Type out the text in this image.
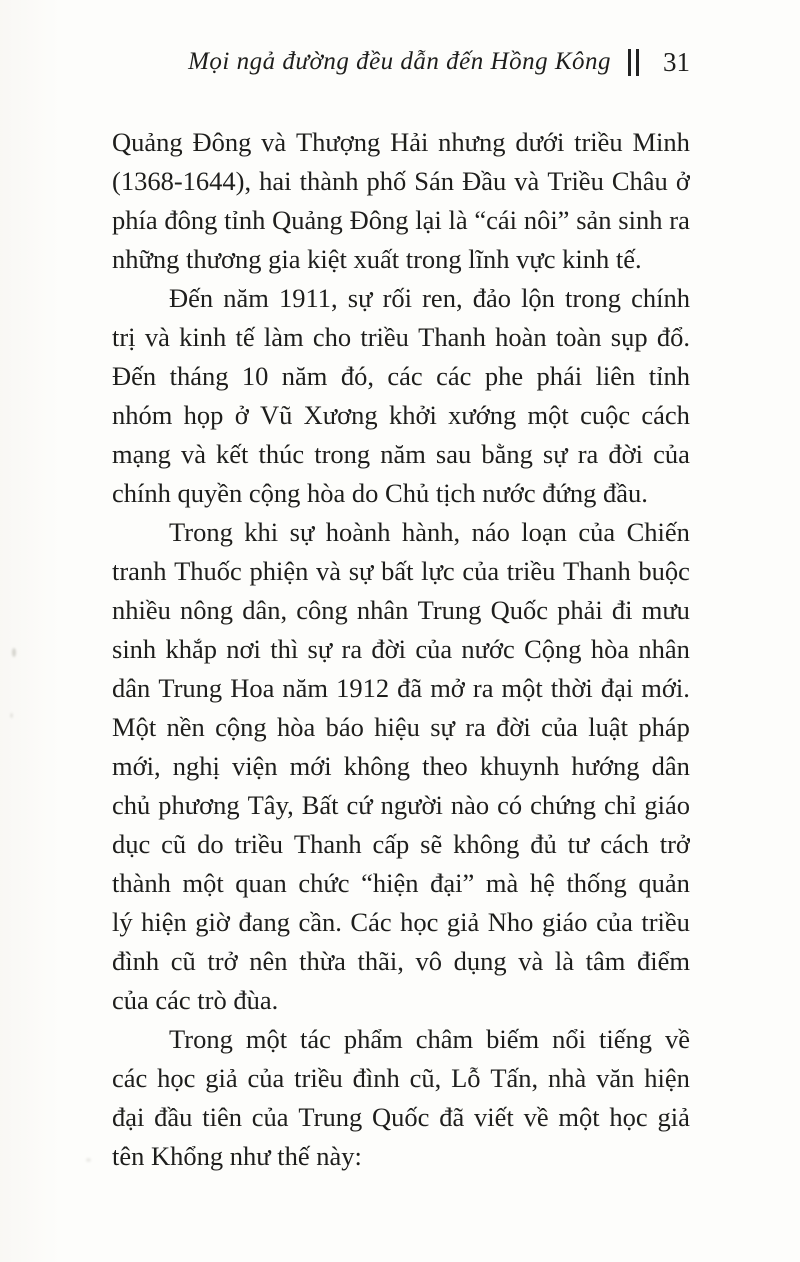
Mọi ngả đường đều dẫn đến Hồng Kông 31
Quảng Đông và Thượng Hải nhưng dưới triều Minh
(1368-1644), hai thành phố Sán Đầu và Triều Châu ở
phía đông tỉnh Quảng Đông lại là “cái nôi” sản sinh ra
những thương gia kiệt xuất trong lĩnh vực kinh tế.
Đến năm 1911, sự rối ren, đảo lộn trong chính
trị và kinh tế làm cho triều Thanh hoàn toàn sụp đổ.
Đến tháng 10 năm đó, các các phe phái liên tỉnh
nhóm họp ở Vũ Xương khởi xướng một cuộc cách
mạng và kết thúc trong năm sau bằng sự ra đời của
chính quyền cộng hòa do Chủ tịch nước đứng đầu.
Trong khi sự hoành hành, náo loạn của Chiến
tranh Thuốc phiện và sự bất lực của triều Thanh buộc
nhiều nông dân, công nhân Trung Quốc phải đi mưu
sinh khắp nơi thì sự ra đời của nước Cộng hòa nhân
dân Trung Hoa năm 1912 đã mở ra một thời đại mới.
Một nền cộng hòa báo hiệu sự ra đời của luật pháp
mới, nghị viện mới không theo khuynh hướng dân
chủ phương Tây, Bất cứ người nào có chứng chỉ giáo
dục cũ do triều Thanh cấp sẽ không đủ tư cách trở
thành một quan chức “hiện đại” mà hệ thống quản
lý hiện giờ đang cần. Các học giả Nho giáo của triều
đình cũ trở nên thừa thãi, vô dụng và là tâm điểm
của các trò đùa.
Trong một tác phẩm châm biếm nổi tiếng về
các học giả của triều đình cũ, Lỗ Tấn, nhà văn hiện
đại đầu tiên của Trung Quốc đã viết về một học giả
tên Khổng như thế này:
